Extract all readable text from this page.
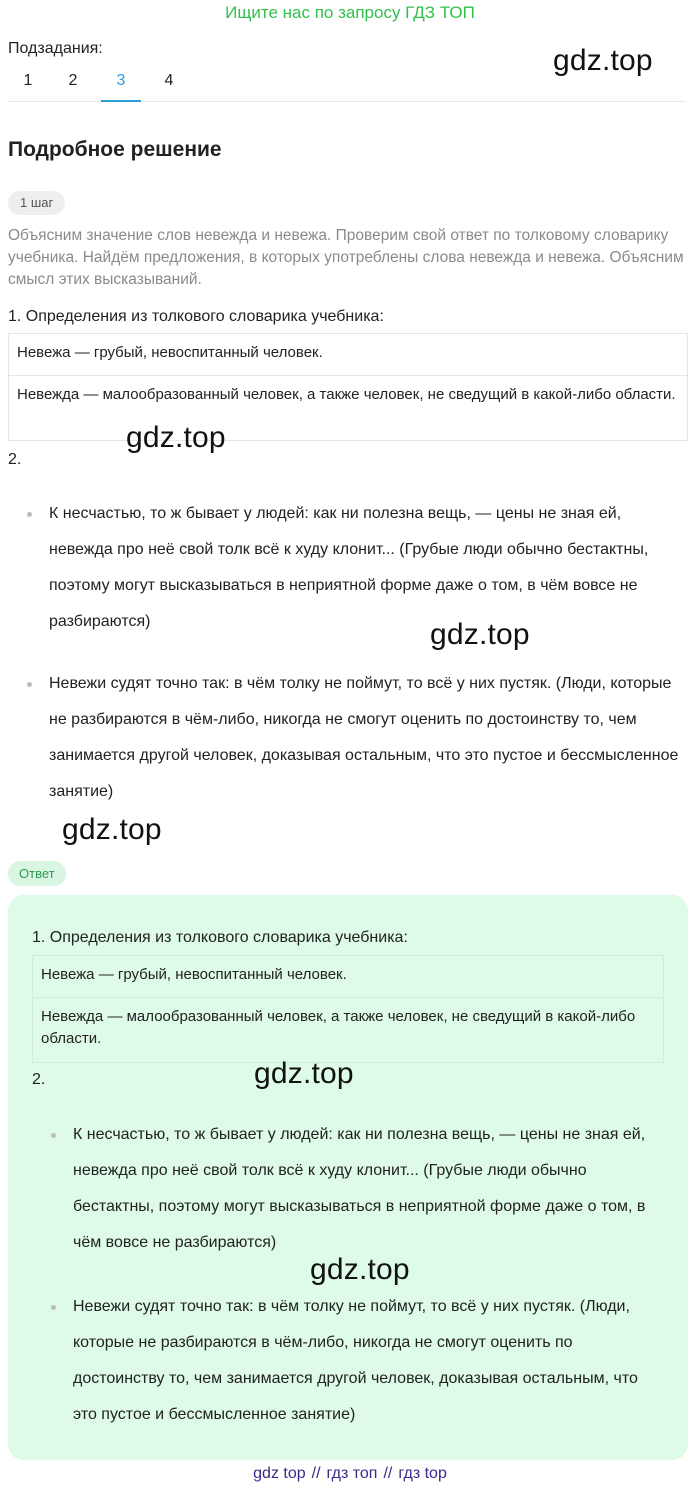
Ищите нас по запросу ГДЗ ТОП
Подзадания:
1	2	3	4
gdz.top
Подробное решение
1 шаг
Объясним значение слов невежда и невежа. Проверим свой ответ по толковому словарику учебника. Найдём предложения, в которых употреблены слова невежда и невежа. Объясним смысл этих высказываний.
1. Определения из толкового словарика учебника:
Невежа — грубый, невоспитанный человек.
Невежда — малообразованный человек, а также человек, не сведущий в какой-либо области.
gdz.top
2.
К несчастью, то ж бывает у людей: как ни полезна вещь, — цены не зная ей, невежда про неё свой толк всё к худу клонит... (Грубые люди обычно бестактны, поэтому могут высказываться в неприятной форме даже о том, в чём вовсе не разбираются)
Невежи судят точно так: в чём толку не поймут, то всё у них пустяк. (Люди, которые не разбираются в чём-либо, никогда не смогут оценить по достоинству то, чем занимается другой человек, доказывая остальным, что это пустое и бессмысленное занятие)
gdz.top
gdz.top
Ответ
1. Определения из толкового словарика учебника:
Невежа — грубый, невоспитанный человек.
Невежда — малообразованный человек, а также человек, не сведущий в какой-либо области.
2.
К несчастью, то ж бывает у людей: как ни полезна вещь, — цены не зная ей, невежда про неё свой толк всё к худу клонит... (Грубые люди обычно бестактны, поэтому могут высказываться в неприятной форме даже о том, в чём вовсе не разбираются)
Невежи судят точно так: в чём толку не поймут, то всё у них пустяк. (Люди, которые не разбираются в чём-либо, никогда не смогут оценить по достоинству то, чем занимается другой человек, доказывая остальным, что это пустое и бессмысленное занятие)
gdz.top
gdz.top
gdz top // гдз топ // гдз top
